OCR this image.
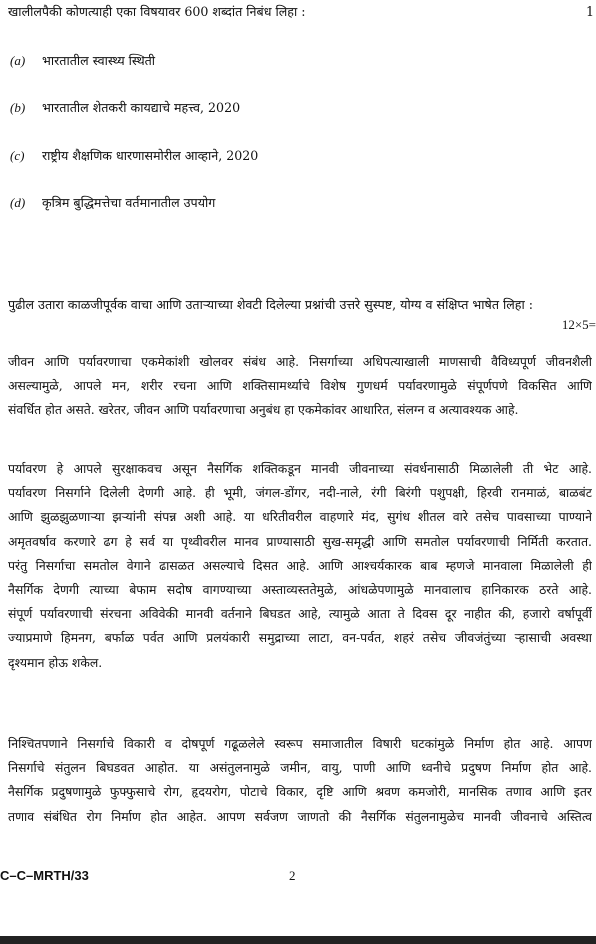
खालीलपैकी कोणत्याही एका विषयावर 600 शब्दांत निबंध लिहा :	1
(a) भारतातील स्वास्थ्य स्थिती
(b) भारतातील शेतकरी कायद्याचे महत्त्व, 2020
(c) राष्ट्रीय शैक्षणिक धारणासमोरील आव्हाने, 2020
(d) कृत्रिम बुद्धिमत्तेचा वर्तमानातील उपयोग
पुढील उतारा काळजीपूर्वक वाचा आणि उताऱ्याच्या शेवटी दिलेल्या प्रश्नांची उत्तरे सुस्पष्ट, योग्य व संक्षिप्त भाषेत लिहा :
12×5=
जीवन आणि पर्यावरणाचा एकमेकांशी खोलवर संबंध आहे. निसर्गाच्या अधिपत्याखाली माणसाची वैविध्यपूर्ण जीवनशैली
असल्यामुळे, आपले मन, शरीर रचना आणि शक्तिसामर्थ्याचे विशेष गुणधर्म पर्यावरणामुळे संपूर्णपणे विकसित आणि
संवर्धित होत असते. खरेतर, जीवन आणि पर्यावरणाचा अनुबंध हा एकमेकांवर आधारित, संलग्न व अत्यावश्यक आहे.
पर्यावरण हे आपले सुरक्षाकवच असून नैसर्गिक शक्तिकडून मानवी जीवनाच्या संवर्धनासाठी मिळालेली ती भेट आहे.
पर्यावरण निसर्गाने दिलेली देणगी आहे. ही भूमी, जंगल-डोंगर, नदी-नाले, रंगी बिरंगी पशुपक्षी, हिरवी रानमाळं, बाळबंट
आणि झुळझुळणाऱ्या झऱ्यांनी संपन्न अशी आहे. या धरितीवरील वाहणारे मंद, सुगंध शीतल वारे तसेच पावसाच्या पाण्याने
अमृतवर्षाव करणारे ढग हे सर्व या पृथ्वीवरील मानव प्राण्यासाठी सुख-समृद्धी आणि समतोल पर्यावरणाची निर्मिती करतात.
परंतु निसर्गाचा समतोल वेगाने ढासळत असल्याचे दिसत आहे. आणि आश्चर्यकारक बाब म्हणजे मानवाला मिळालेली ही
नैसर्गिक देणगी त्याच्या बेफाम सदोष वागण्याच्या अस्ताव्यस्ततेमुळे, आंधळेपणामुळे मानवालाच हानिकारक ठरते आहे.
संपूर्ण पर्यावरणाची संरचना अविवेकी मानवी वर्तनाने बिघडत आहे, त्यामुळे आता ते दिवस दूर नाहीत की, हजारो वर्षापूर्वी
ज्याप्रमाणे हिमनग, बर्फाळ पर्वत आणि प्रलयंकारी समुद्राच्या लाटा, वन-पर्वत, शहरं तसेच जीवजंतुंच्या ऱ्हासाची अवस्था
दृश्यमान होऊ शकेल.
निश्चितपणाने निसर्गाचे विकारी व दोषपूर्ण गढूळलेले स्वरूप समाजातील विषारी घटकांमुळे निर्माण होत आहे. आपण
निसर्गाचे संतुलन बिघडवत आहोत. या असंतुलनामुळे जमीन, वायु, पाणी आणि ध्वनीचे प्रदुषण निर्माण होत आहे.
नैसर्गिक प्रदुषणामुळे फुफ्फुसाचे रोग, हृदयरोग, पोटाचे विकार, दृष्टि आणि श्रवण कमजोरी, मानसिक तणाव आणि इतर
तणाव संबंधित रोग निर्माण होत आहेत. आपण सर्वजण जाणतो की नैसर्गिक संतुलनामुळेच मानवी जीवनाचे अस्तित्व
C–C–MRTH/33	2
